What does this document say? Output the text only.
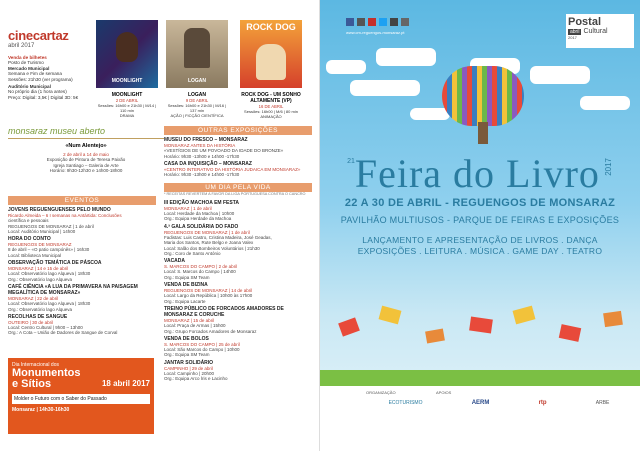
cinecartaz
abril 2017
Venda de bilhetes
Posto de Turismo
Mercado Municipal
Semana e Fim de semana
Sessões: 21h30 (ver programa)
Auditório Municipal
No próprio dia (1 hora antes)
Preço: Digital: 3,5€ | Digital 3D: 5€
MOONLIGHT
MOONLIGHT
2 DE ABRIL
Sessões: 16h00 e 21h30 | M/14 | 110 min
DRAMA
LOGAN
LOGAN
9 DE ABRIL
Sessões: 16h00 e 21h30 | M/16 | 137 min
AÇÃO | FICÇÃO CIENTÍFICA
ROCK DOG
ROCK DOG - UM SONHO ALTAMENTE (VP)
16 DE ABRIL
Sessões: 16h00 | M/6 | 80 min
ANIMAÇÃO
monsaraz museu aberto
«Num Alentejo»
2 de abril a 14 de maio
Exposição de Pintura de Teresa Paixão
Igreja Santiago – Galeria de Arte
Horário: 9h30-12h30 e 14h00-18h00
EVENTOS
JOVENS REGUENGUENSES PELO MUNDO
Ricardo Almeida – 6 I semanas na Antártida: Conclusões
científica e pessoais
REGUENGOS DE MONSARAZ | 1 de abril
Local: Auditório Municipal | 14h00
HORA DO CONTO
REGUENGOS DE MONSARAZ
8 de abril – «O patio campónês» | 16h30
Local: Biblioteca Municipal
OBSERVAÇÃO TEMÁTICA DE PÁSCOA
MONSARAZ | 14 e 15 de abril
Local: Observatório lago Alqueva | 18h30
Org.: Observatório lago Alqueva
CAFÉ CIÊNCIA «A LUA DA PRIMAVERA NA PAISAGEM MEGALÍTICA DE MONSARAZ»
MONSARAZ | 22 de abril
Local: Observatório lago Alqueva | 18h30
Org.: Observatório lago Alqueva
RECOLHAS DE SANGUE
OUTEIRO | 30 de abril
Local: Centro Cultural | 9h00 – 13h00
Org.: A Cota – União de Dadores de Sangue de Corval
Dia Internacional dos
Monumentos
e Sítios	18 abril 2017
Molder o Futuro com o Saber do Passado
Monsaraz | 14h30-16h30
OUTRAS EXPOSIÇÕES
MUSEU DO FRESCO – MONSARAZ
MONSARAZ ANTES DA HISTÓRIA
«VESTÍGIOS DE UM POVOADO DA IDADE DO BRONZE»
Horário: 9h30 -13h00 e 14h00 -17h30
CASA DA INQUISIÇÃO – MONSARAZ
«CENTRO INTERATIVO DA HISTÓRIA JUDAICA EM MONSARAZ»
Horário: 9h30 -13h00 e 14h00 -17h30
UM DIA PELA VIDA
* RECEITAS REVERTEM A FAVOR DA LIGA PORTUGUESA CONTRA O CANCRO
III EDIÇÃO MACHOA EM FESTA
MONSARAZ | 1 de abril
Local: Herdade da Machoa | 10h00
Org.: Equipa Herdade da Machoa
4.ª GALA SOLIDÁRIA DO FADO
REGUENGOS DE MONSARAZ | 1 de abril
Fadistas: Luis Castro, Cristina Madeira, José Geadas,
Maria dos Santos, Rute Belgo e Joana Valex
Local: Salão dos Bombeiros Voluntários | 21h30
Org.: Coro de Santo António
VACADA
S. MARCOS DO CAMPO | 2 de abril
Local: S. Marcos do Campo | 14h00
Org.: Equipa SM Team
VENDA DE BIZINA
REGUENGOS DE MONSARAZ | 14 de abril
Local: Largo da República | 10h00 às 17h00
Org.: Equipa Lacarte
TREINO PÚBLICO DE FORCADOS AMADORES DE MONSARAZ E CORUCHE
MONSARAZ | 15 de abril
Local: Praça de Armas | 15h00
Org.: Grupo Forcados Amadores de Monsaraz
VENDA DE BOLOS
S. MARCOS DO CAMPO | 25 de abril
Local: São Marcos do Campo | 10h00
Org.: Equipa SM Team
JANTAR SOLIDÁRIO
CAMPINHO | 29 de abril
Local: Campinho | 20h00
Org.: Equipa Arco Íris e Lacinho
www.cm-reguengos-monsaraz.pt
Postal
abril Cultural
2017
21 Feira do Livro 2017
22 A 30 DE ABRIL - REGUENGOS DE MONSARAZ
PAVILHÃO MULTIUSOS - PARQUE DE FEIRAS E EXPOSIÇÕES
LANÇAMENTO E APRESENTAÇÃO DE LIVROS . DANÇA
EXPOSIÇÕES . LEITURA . MÚSICA . GAME DAY . TEATRO
ORGANIZAÇÃO	APOIOS
ECOTURISMO	AERM	rtp	ARBE
